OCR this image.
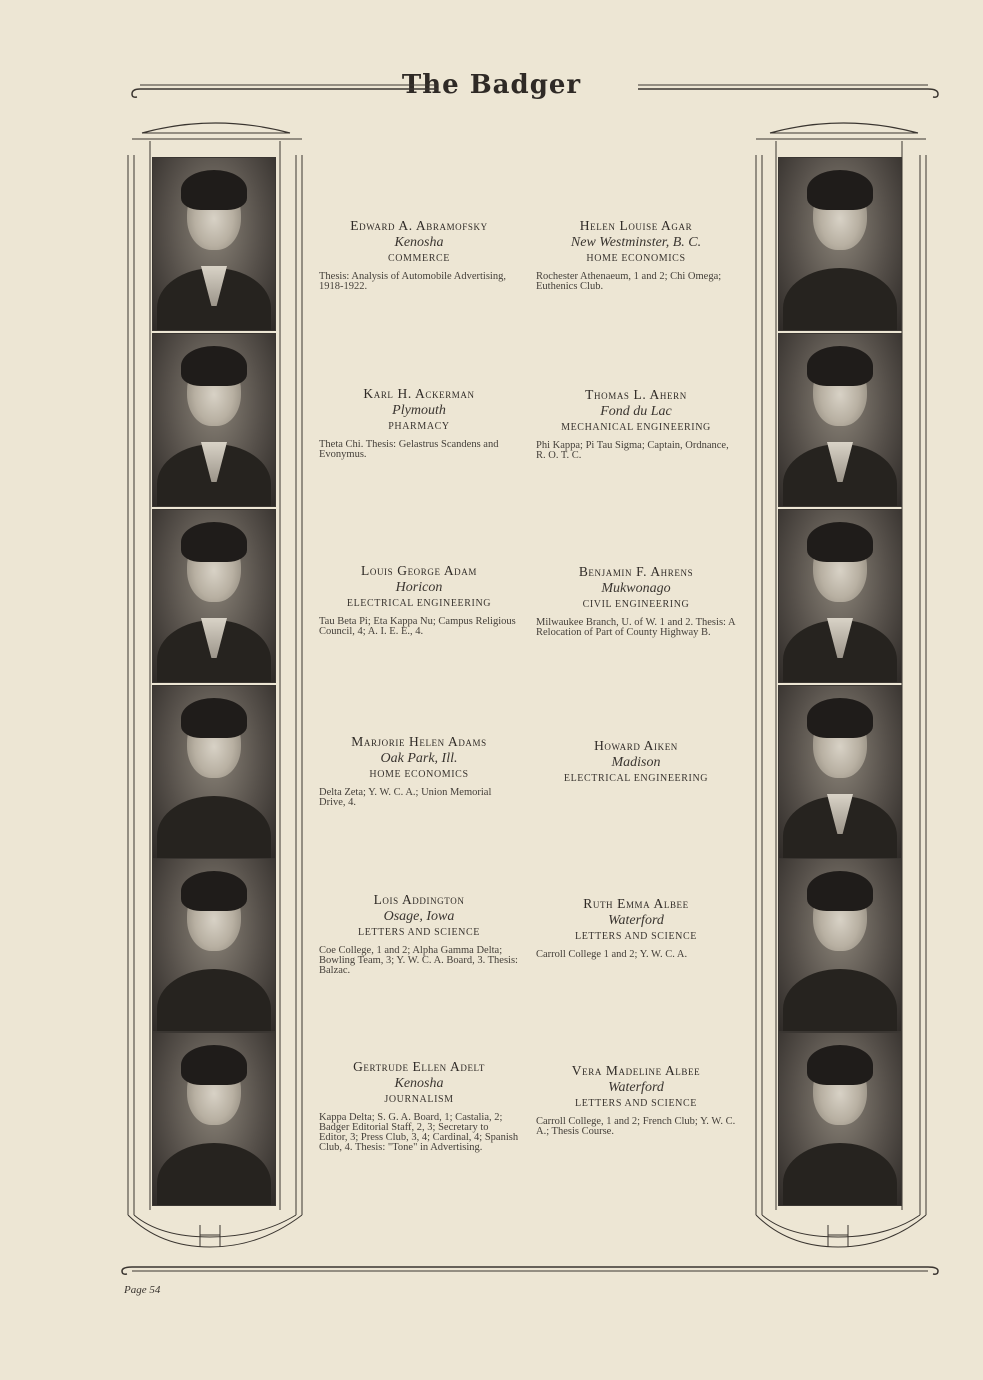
The Badger
Edward A. Abramofsky
Kenosha
COMMERCE
Thesis: Analysis of Automobile Advertising, 1918-1922.
Karl H. Ackerman
Plymouth
PHARMACY
Theta Chi. Thesis: Gelastrus Scandens and Evonymus.
Louis George Adam
Horicon
ELECTRICAL ENGINEERING
Tau Beta Pi; Eta Kappa Nu; Campus Religious Council, 4; A. I. E. E., 4.
Marjorie Helen Adams
Oak Park, Ill.
HOME ECONOMICS
Delta Zeta; Y. W. C. A.; Union Memorial Drive, 4.
Lois Addington
Osage, Iowa
LETTERS AND SCIENCE
Coe College, 1 and 2; Alpha Gamma Delta; Bowling Team, 3; Y. W. C. A. Board, 3. Thesis: Balzac.
Gertrude Ellen Adelt
Kenosha
JOURNALISM
Kappa Delta; S. G. A. Board, 1; Castalia, 2; Badger Editorial Staff, 2, 3; Secretary to Editor, 3; Press Club, 3, 4; Cardinal, 4; Spanish Club, 4. Thesis: "Tone" in Advertising.
Helen Louise Agar
New Westminster, B. C.
HOME ECONOMICS
Rochester Athenaeum, 1 and 2; Chi Omega; Euthenics Club.
Thomas L. Ahern
Fond du Lac
MECHANICAL ENGINEERING
Phi Kappa; Pi Tau Sigma; Captain, Ordnance, R. O. T. C.
Benjamin F. Ahrens
Mukwonago
CIVIL ENGINEERING
Milwaukee Branch, U. of W. 1 and 2. Thesis: A Relocation of Part of County Highway B.
Howard Aiken
Madison
ELECTRICAL ENGINEERING
Ruth Emma Albee
Waterford
LETTERS AND SCIENCE
Carroll College 1 and 2; Y. W. C. A.
Vera Madeline Albee
Waterford
LETTERS AND SCIENCE
Carroll College, 1 and 2; French Club; Y. W. C. A.; Thesis Course.
Page 54
